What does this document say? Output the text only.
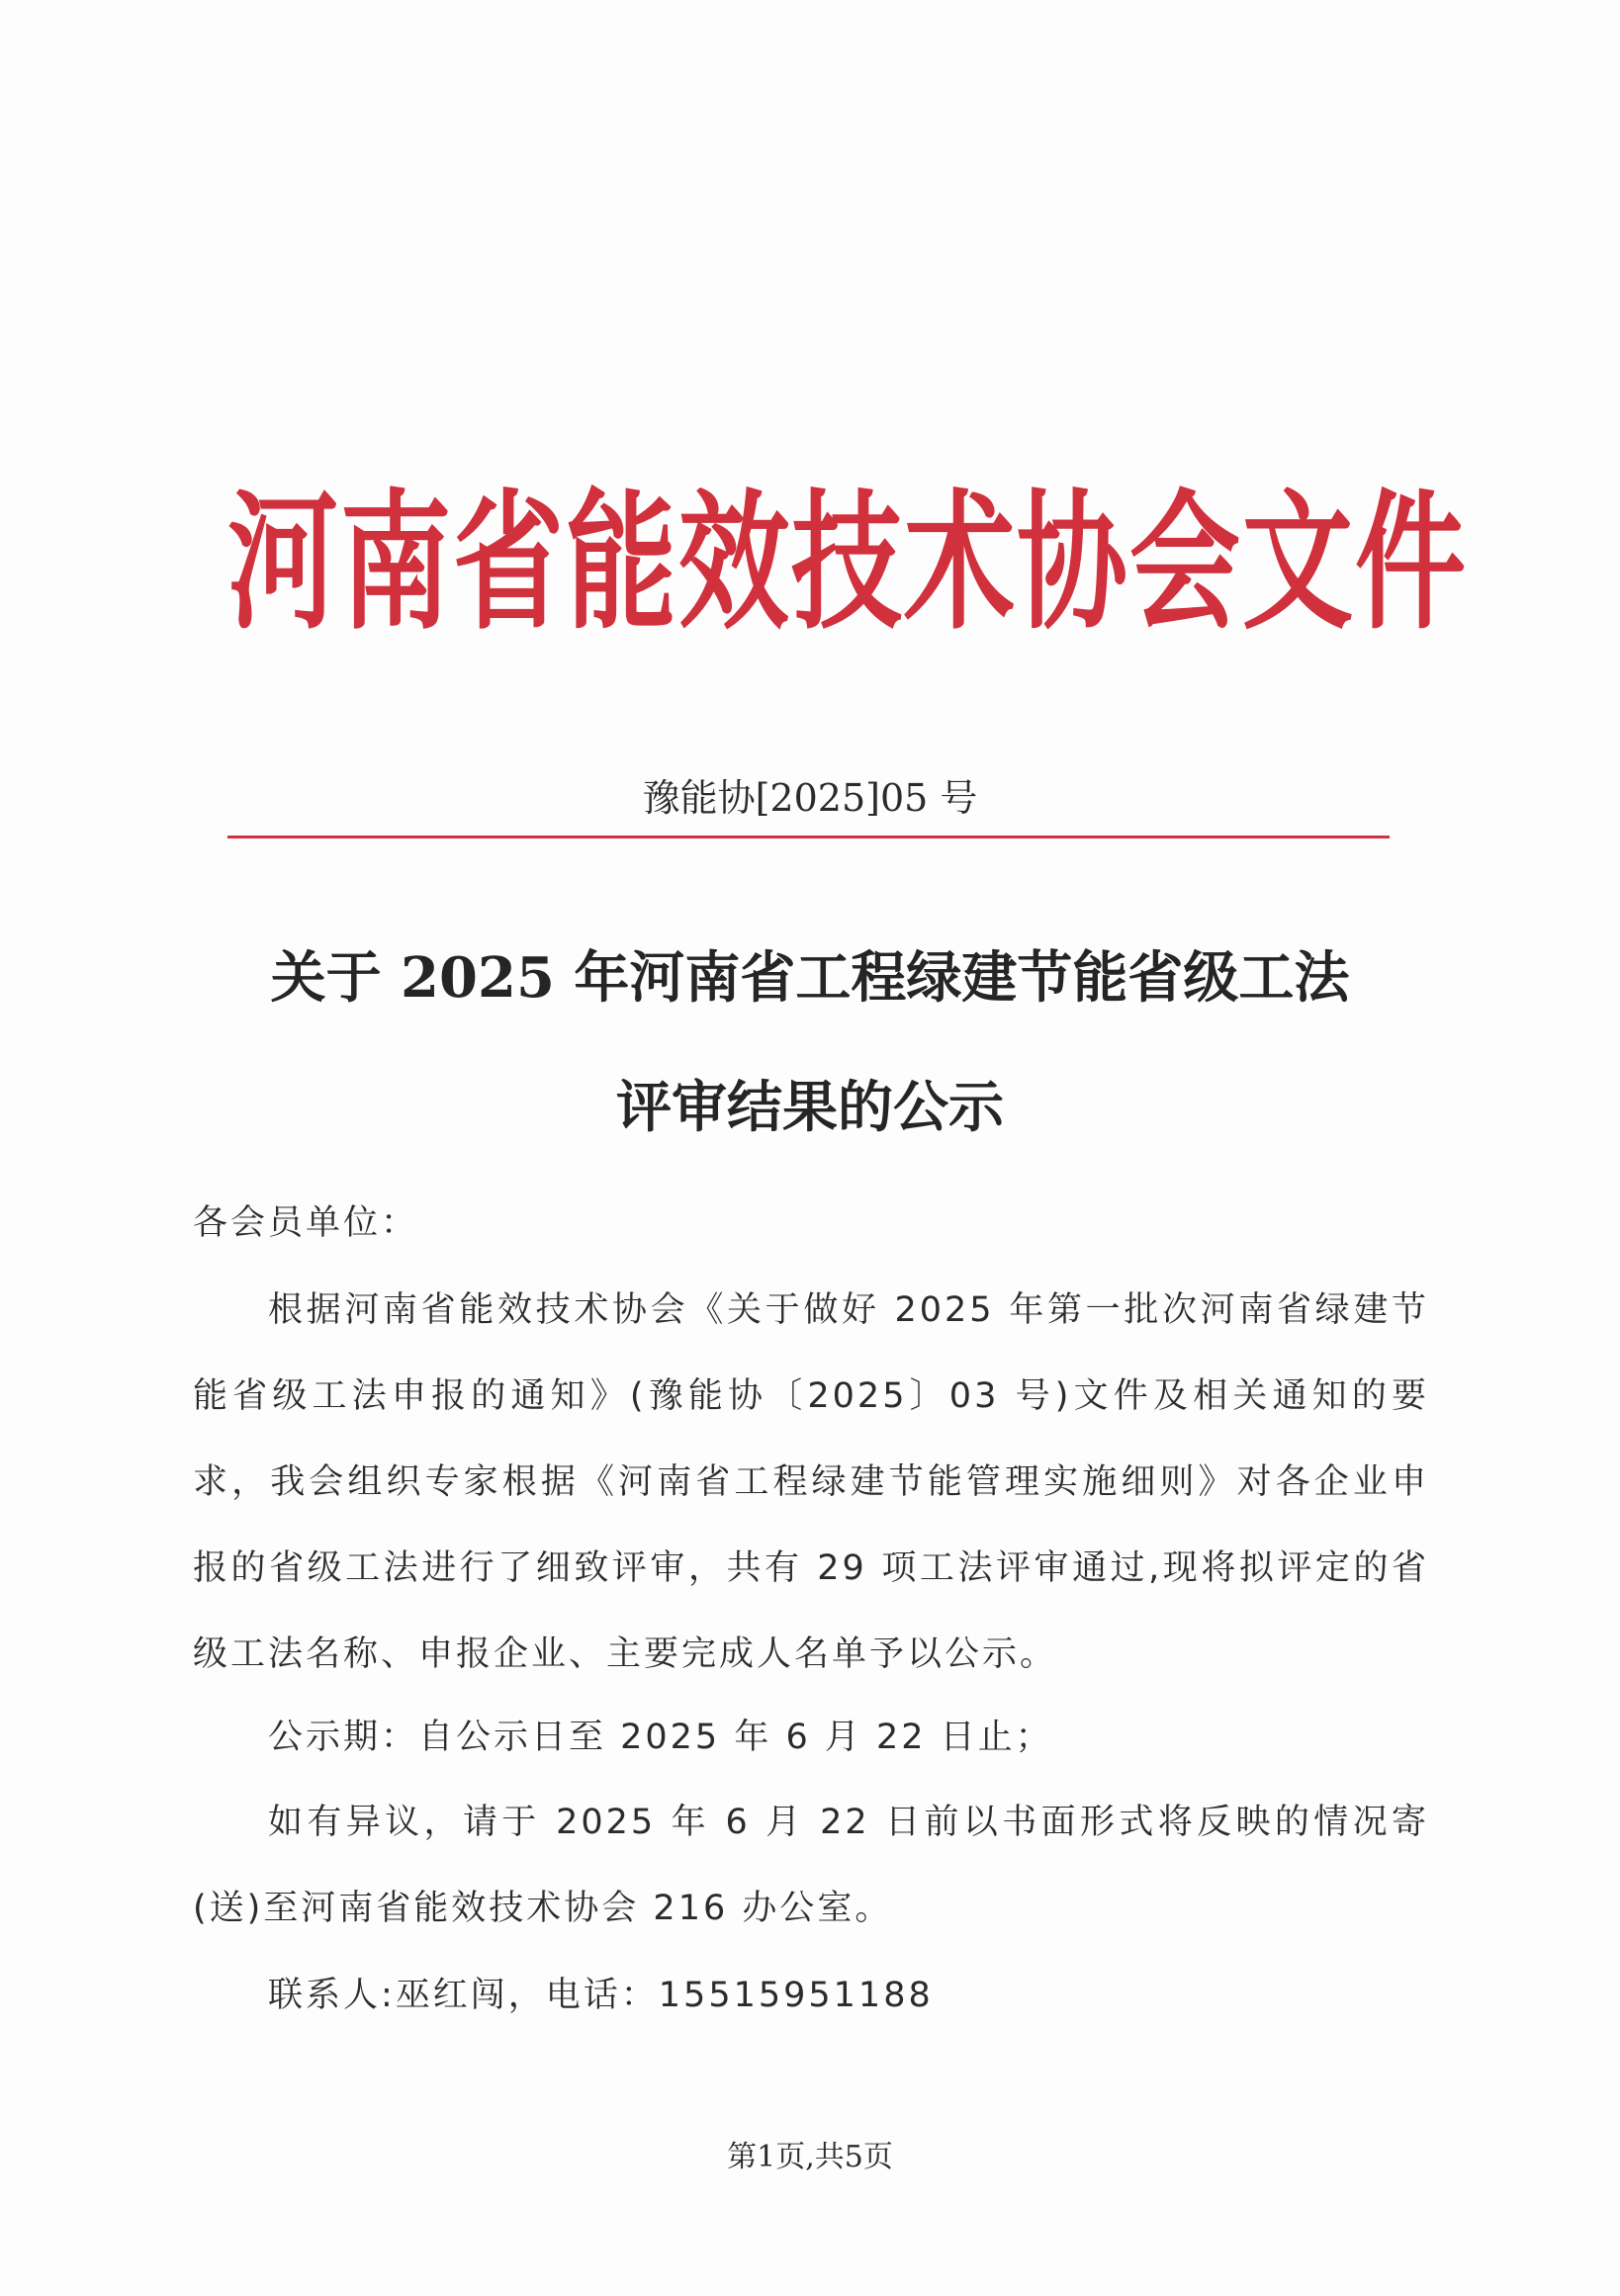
河南省能效技术协会文件
豫能协[2025]05 号
关于 2025 年河南省工程绿建节能省级工法
评审结果的公示
各会员单位：
根据河南省能效技术协会《关于做好 2025 年第一批次河南省绿建节能省级工法申报的通知》(豫能协〔2025〕03 号)文件及相关通知的要求，我会组织专家根据《河南省工程绿建节能管理实施细则》对各企业申报的省级工法进行了细致评审，共有 29 项工法评审通过,现将拟评定的省级工法名称、申报企业、主要完成人名单予以公示。
公示期：自公示日至 2025 年 6 月 22 日止；
如有异议，请于 2025 年 6 月 22 日前以书面形式将反映的情况寄(送)至河南省能效技术协会 216 办公室。
联系人:巫红闯，电话：15515951188
第1页,共5页
